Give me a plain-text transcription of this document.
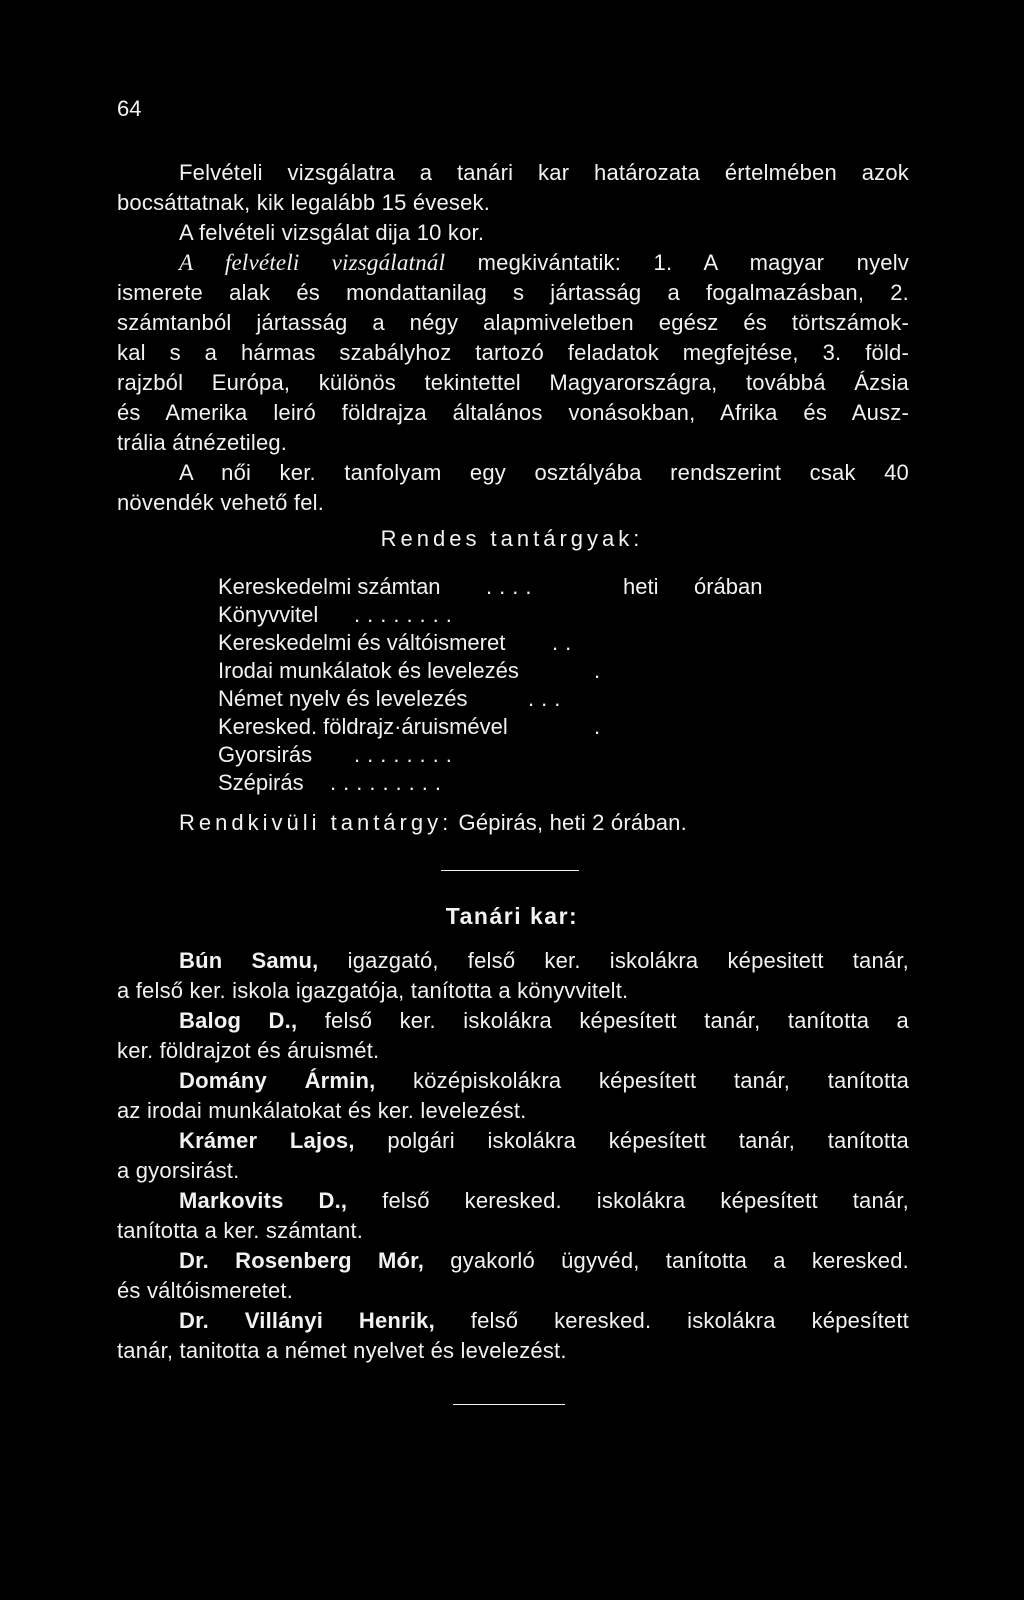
64
Felvételi vizsgálatra a tanári kar határozata értelmében azok
bocsáttatnak, kik legalább 15 évesek.
A felvételi vizsgálat dija 10 kor.
A felvételi vizsgálatnál megkivántatik: 1. A magyar nyelv
ismerete alak és mondattanilag s jártasság a fogalmazásban, 2.
számtanból jártasság a négy alapmiveletben egész és törtszámok-
kal s a hármas szabályhoz tartozó feladatok megfejtése, 3. föld-
rajzból Európa, különös tekintettel Magyarországra, továbbá Ázsia
és Amerika leiró földrajza általános vonásokban, Afrika és Ausz-
trália átnézetileg.
A női ker. tanfolyam egy osztályába rendszerint csak 40
növendék vehető fel.
Rendes tantárgyak:
Kereskedelmi számtan ....	heti órában
Könyvvitel ........
Kereskedelmi és váltóismeret ..
Irodai munkálatok és levelezés	.
Német nyelv és levelezés	...
Keresked. földrajz·áruismével	.
Gyorsirás ........
Szépirás .........
Rendkivüli tantárgy: Gépirás, heti 2 órában.
Tanári kar:
Bún Samu, igazgató, felső ker. iskolákra képesitett tanár,
a felső ker. iskola igazgatója, tanította a könyvvitelt.
Balog D., felső ker. iskolákra képesített tanár, tanította a
ker. földrajzot és áruismét.
Domány Ármin, középiskolákra képesített tanár, tanította
az irodai munkálatokat és ker. levelezést.
Krámer Lajos, polgári iskolákra képesített tanár, tanította
a gyorsirást.
Markovits D., felső keresked. iskolákra képesített tanár,
tanította a ker. számtant.
Dr. Rosenberg Mór, gyakorló ügyvéd, tanította a keresked.
és váltóismeretet.
Dr. Villányi Henrik, felső keresked. iskolákra képesített
tanár, tanitotta a német nyelvet és levelezést.
